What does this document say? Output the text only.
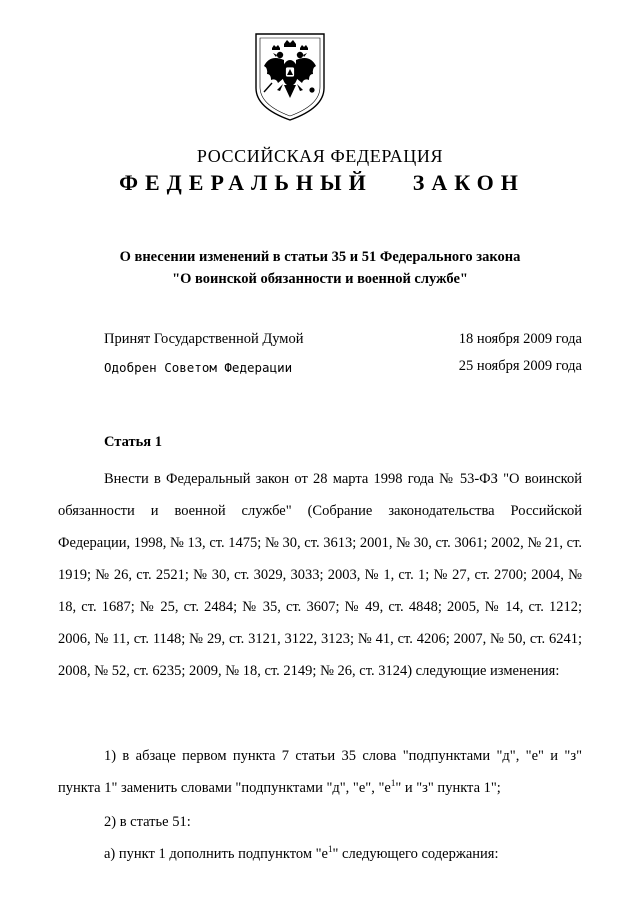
РОССИЙСКАЯ ФЕДЕРАЦИЯ
ФЕДЕРАЛЬНЫЙ ЗАКОН
О внесении изменений в статьи 35 и 51 Федерального закона
"О воинской обязанности и военной службе"
Принят Государственной Думой	18 ноября 2009 года
Одобрен Советом Федерации	25 ноября 2009 года
Статья 1

Внести в Федеральный закон от 28 марта 1998 года № 53-ФЗ "О воинской обязанности и военной службе" (Собрание законодательства Российской Федерации, 1998, № 13, ст. 1475; № 30, ст. 3613; 2001, № 30, ст. 3061; 2002, № 21, ст. 1919; № 26, ст. 2521; № 30, ст. 3029, 3033; 2003, № 1, ст. 1; № 27, ст. 2700; 2004, № 18, ст. 1687; № 25, ст. 2484; № 35, ст. 3607; № 49, ст. 4848; 2005, № 14, ст. 1212; 2006, № 11, ст. 1148; № 29, ст. 3121, 3122, 3123; № 41, ст. 4206; 2007, № 50, ст. 6241; 2008, № 52, ст. 6235; 2009, № 18, ст. 2149; № 26, ст. 3124) следующие изменения:

1) в абзаце первом пункта 7 статьи 35 слова "подпунктами "д", "е" и "з" пункта 1" заменить словами "подпунктами "д", "е", "$е^1$" и "з" пункта 1";

2) в статье 51:

а) пункт 1 дополнить подпунктом "$е^1$" следующего содержания:
